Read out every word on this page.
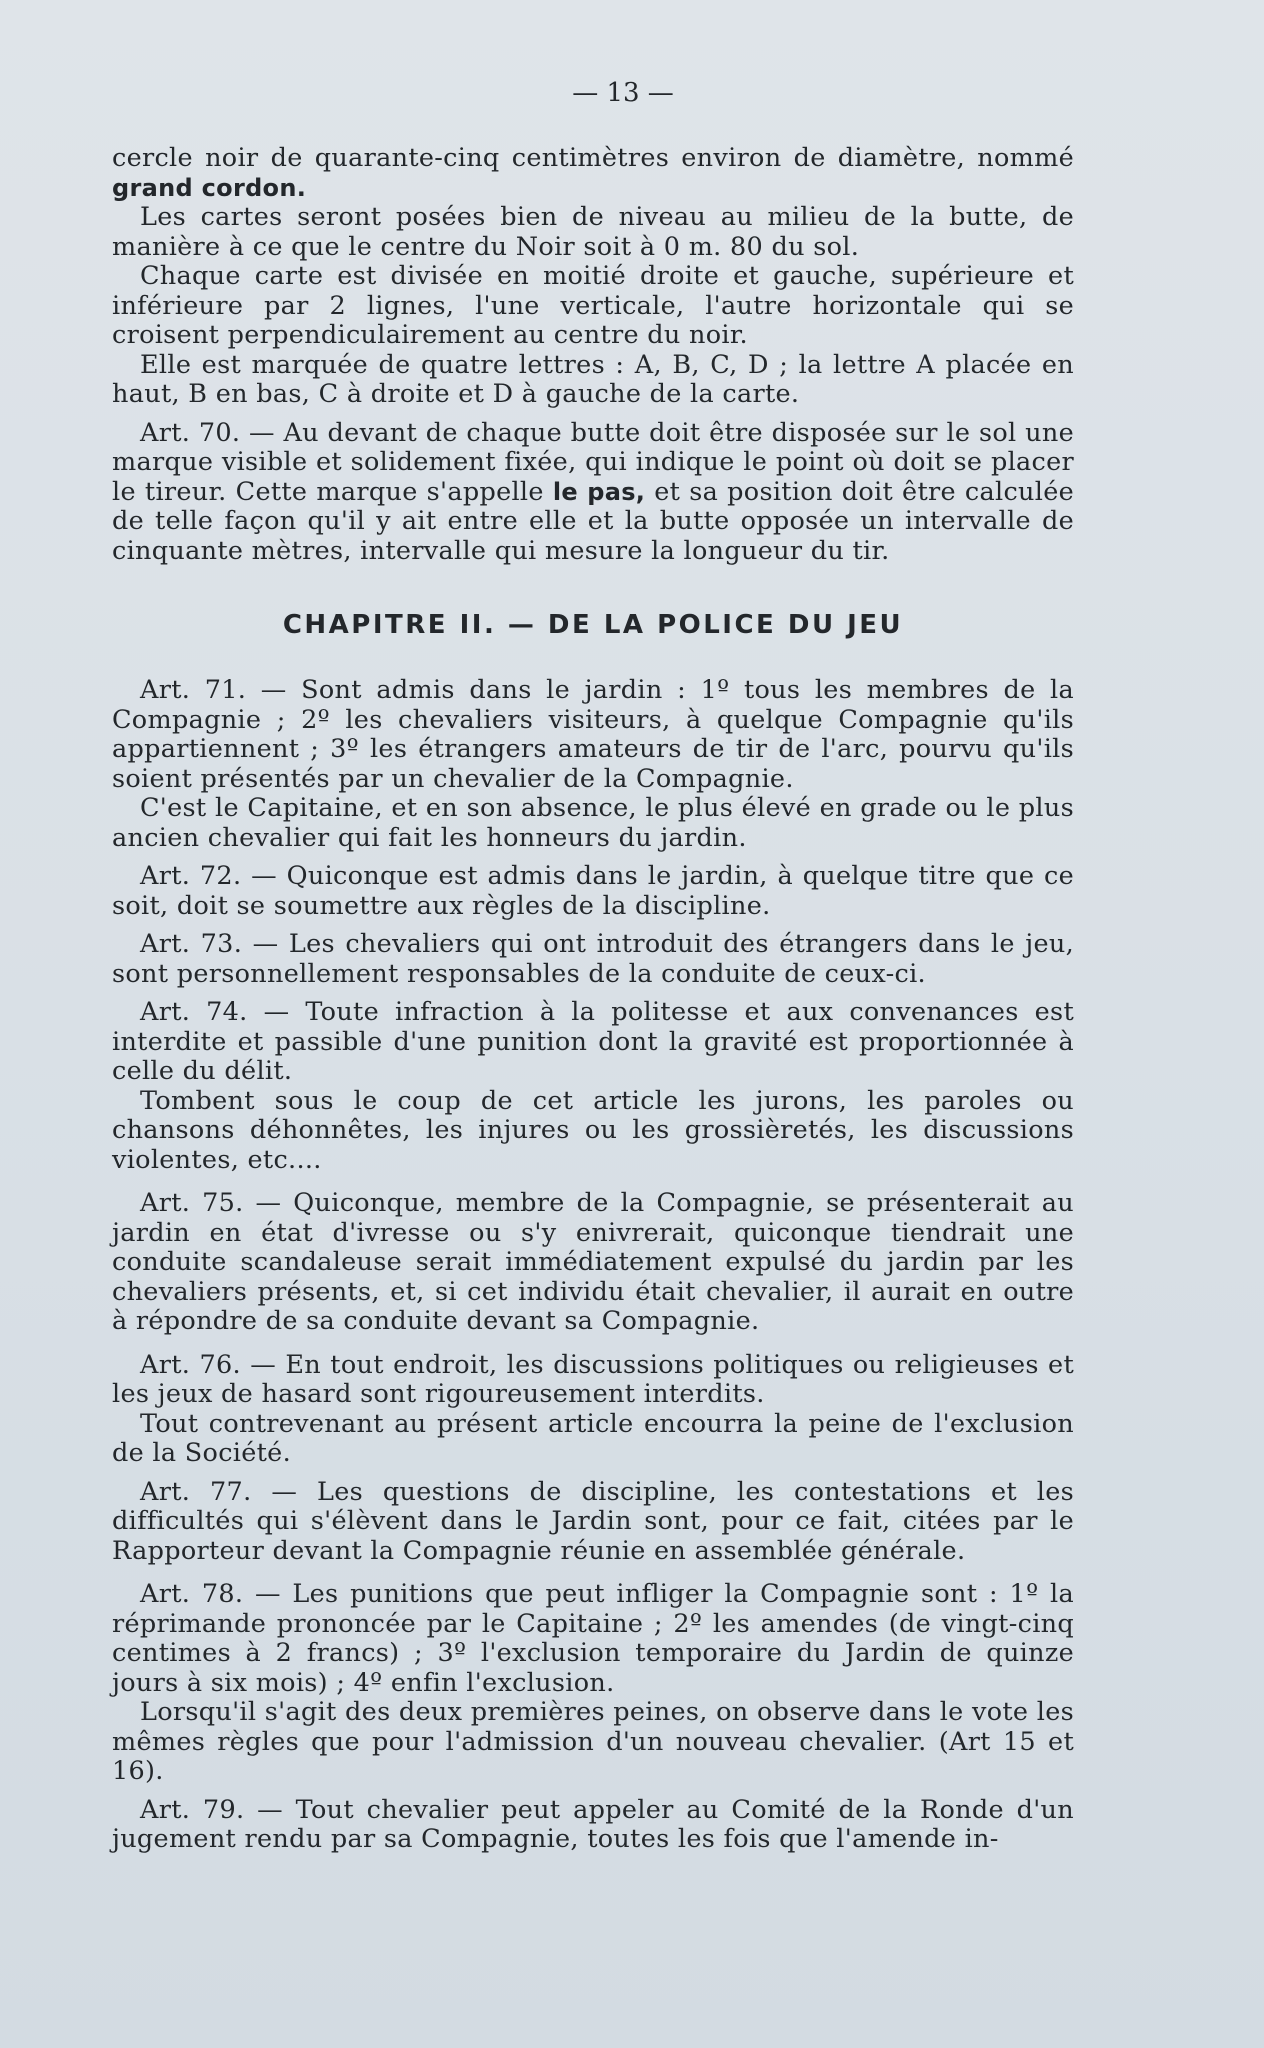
— 13 —

cercle noir de quarante-cinq centimètres environ de diamètre, nommé grand cordon.

Les cartes seront posées bien de niveau au milieu de la butte, de manière à ce que le centre du Noir soit à 0 m. 80 du sol.

Chaque carte est divisée en moitié droite et gauche, supérieure et inférieure par 2 lignes, l'une verticale, l'autre horizontale qui se croisent perpendiculairement au centre du noir.

Elle est marquée de quatre lettres : A, B, C, D ; la lettre A placée en haut, B en bas, C à droite et D à gauche de la carte.

Art. 70. — Au devant de chaque butte doit être disposée sur le sol une marque visible et solidement fixée, qui indique le point où doit se placer le tireur. Cette marque s'appelle le pas, et sa position doit être calculée de telle façon qu'il y ait entre elle et la butte opposée un intervalle de cinquante mètres, intervalle qui mesure la longueur du tir.

CHAPITRE II. — DE LA POLICE DU JEU

Art. 71. — Sont admis dans le jardin : 1º tous les membres de la Compagnie ; 2º les chevaliers visiteurs, à quelque Compagnie qu'ils appartiennent ; 3º les étrangers amateurs de tir de l'arc, pourvu qu'ils soient présentés par un chevalier de la Compagnie.

C'est le Capitaine, et en son absence, le plus élevé en grade ou le plus ancien chevalier qui fait les honneurs du jardin.

Art. 72. — Quiconque est admis dans le jardin, à quelque titre que ce soit, doit se soumettre aux règles de la discipline.

Art. 73. — Les chevaliers qui ont introduit des étrangers dans le jeu, sont personnellement responsables de la conduite de ceux-ci.

Art. 74. — Toute infraction à la politesse et aux convenances est interdite et passible d'une punition dont la gravité est proportionnée à celle du délit.

Tombent sous le coup de cet article les jurons, les paroles ou chansons déhonnêtes, les injures ou les grossièretés, les discussions violentes, etc....

Art. 75. — Quiconque, membre de la Compagnie, se présenterait au jardin en état d'ivresse ou s'y enivrerait, quiconque tiendrait une conduite scandaleuse serait immédiatement expulsé du jardin par les chevaliers présents, et, si cet individu était chevalier, il aurait en outre à répondre de sa conduite devant sa Compagnie.

Art. 76. — En tout endroit, les discussions politiques ou religieuses et les jeux de hasard sont rigoureusement interdits.

Tout contrevenant au présent article encourra la peine de l'exclusion de la Société.

Art. 77. — Les questions de discipline, les contestations et les difficultés qui s'élèvent dans le Jardin sont, pour ce fait, citées par le Rapporteur devant la Compagnie réunie en assemblée générale.

Art. 78. — Les punitions que peut infliger la Compagnie sont : 1º la réprimande prononcée par le Capitaine ; 2º les amendes (de vingt-cinq centimes à 2 francs) ; 3º l'exclusion temporaire du Jardin de quinze jours à six mois) ; 4º enfin l'exclusion.

Lorsqu'il s'agit des deux premières peines, on observe dans le vote les mêmes règles que pour l'admission d'un nouveau chevalier. (Art 15 et 16).

Art. 79. — Tout chevalier peut appeler au Comité de la Ronde d'un jugement rendu par sa Compagnie, toutes les fois que l'amende in-
